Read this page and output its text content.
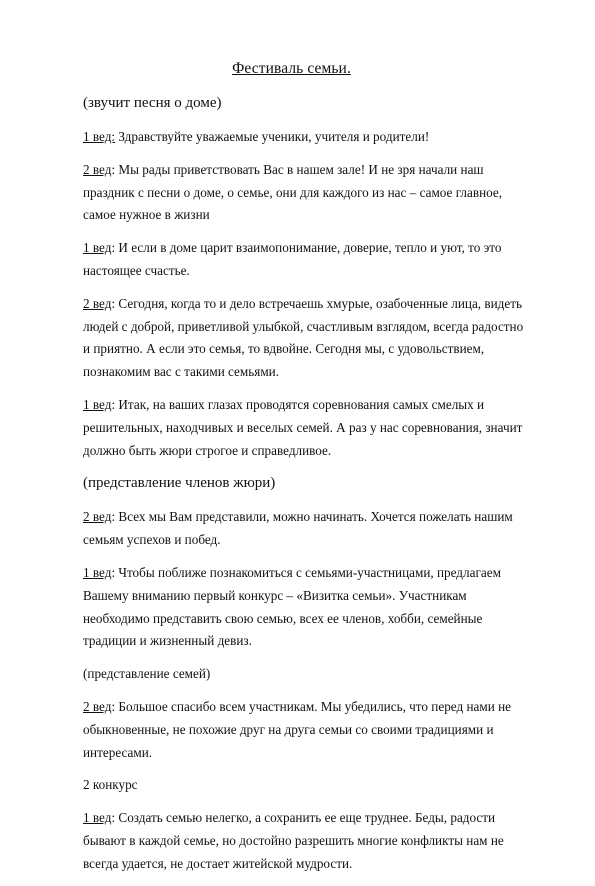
Фестиваль семьи.
(звучит песня о доме)
1 вед: Здравствуйте уважаемые ученики, учителя и родители!
2 вед: Мы рады приветствовать Вас в нашем зале! И не зря начали наш
праздник с песни о доме, о семье, они для каждого из нас – самое главное,
самое нужное в жизни
1 вед: И если в доме царит взаимопонимание, доверие, тепло и уют, то это
настоящее счастье.
2 вед: Сегодня, когда то и дело встречаешь хмурые, озабоченные лица, видеть
людей с доброй, приветливой улыбкой, счастливым взглядом, всегда радостно
и приятно. А если это семья, то вдвойне. Сегодня мы, с удовольствием,
познакомим вас с такими семьями.
1 вед: Итак, на ваших глазах проводятся соревнования самых смелых и
решительных, находчивых и веселых семей. А раз у нас соревнования, значит
должно быть жюри строгое и справедливое.
(представление членов жюри)
2 вед: Всех мы Вам представили, можно начинать. Хочется пожелать нашим
семьям успехов и побед.
1 вед: Чтобы поближе познакомиться с семьями-участницами, предлагаем
Вашему вниманию первый конкурс – «Визитка семьи». Участникам
необходимо представить свою семью, всех ее членов, хобби, семейные
традиции и жизненный девиз.
(представление семей)
2 вед: Большое спасибо всем участникам. Мы убедились, что перед нами не
обыкновенные, не похожие друг на друга семьи со своими традициями и
интересами.
2 конкурс
1 вед: Создать семью нелегко, а сохранить ее еще труднее. Беды, радости
бывают в каждой семье, но достойно разрешить многие конфликты нам не
всегда удается, не достает житейской мудрости.
